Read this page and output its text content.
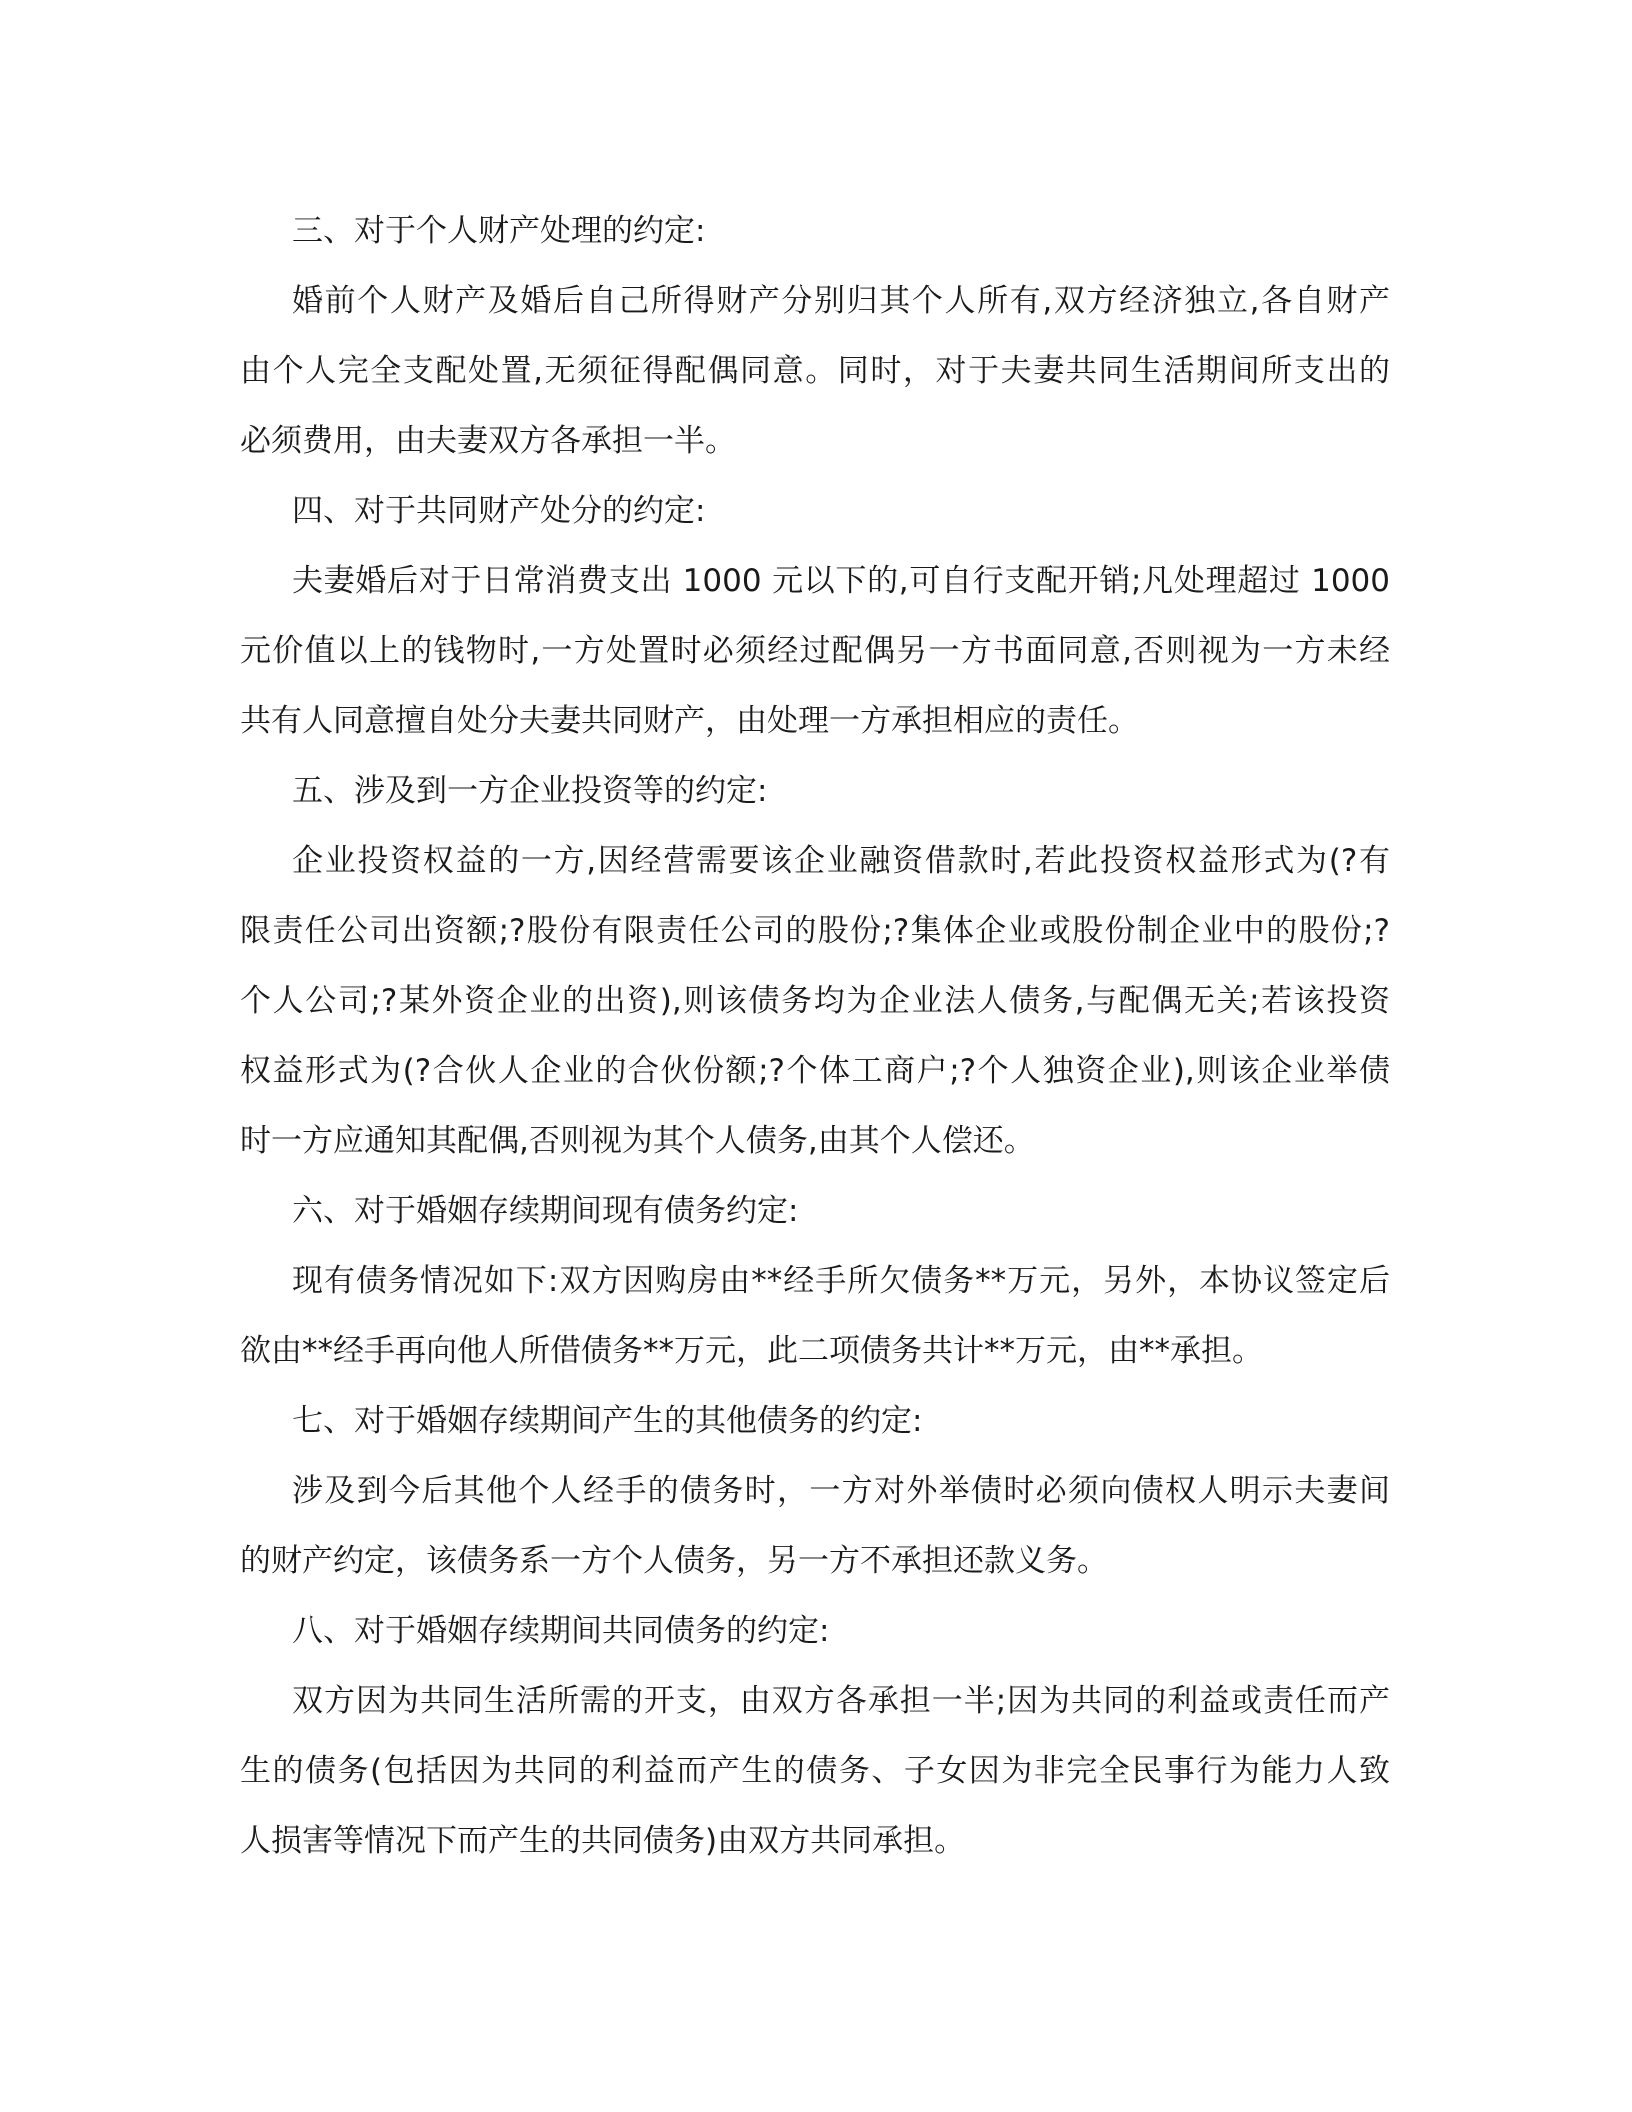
三、对于个人财产处理的约定:
婚前个人财产及婚后自己所得财产分别归其个人所有,双方经济独立,各自财产
由个人完全支配处置,无须征得配偶同意。同时，对于夫妻共同生活期间所支出的
必须费用，由夫妻双方各承担一半。
四、对于共同财产处分的约定:
夫妻婚后对于日常消费支出 1000 元以下的,可自行支配开销;凡处理超过 1000
元价值以上的钱物时,一方处置时必须经过配偶另一方书面同意,否则视为一方未经
共有人同意擅自处分夫妻共同财产，由处理一方承担相应的责任。
五、涉及到一方企业投资等的约定:
企业投资权益的一方,因经营需要该企业融资借款时,若此投资权益形式为(?有
限责任公司出资额;?股份有限责任公司的股份;?集体企业或股份制企业中的股份;?
个人公司;?某外资企业的出资),则该债务均为企业法人债务,与配偶无关;若该投资
权益形式为(?合伙人企业的合伙份额;?个体工商户;?个人独资企业),则该企业举债
时一方应通知其配偶,否则视为其个人债务,由其个人偿还。
六、对于婚姻存续期间现有债务约定:
现有债务情况如下:双方因购房由**经手所欠债务**万元，另外，本协议签定后
欲由**经手再向他人所借债务**万元，此二项债务共计**万元，由**承担。
七、对于婚姻存续期间产生的其他债务的约定:
涉及到今后其他个人经手的债务时，一方对外举债时必须向债权人明示夫妻间
的财产约定，该债务系一方个人债务，另一方不承担还款义务。
八、对于婚姻存续期间共同债务的约定:
双方因为共同生活所需的开支，由双方各承担一半;因为共同的利益或责任而产
生的债务(包括因为共同的利益而产生的债务、子女因为非完全民事行为能力人致
人损害等情况下而产生的共同债务)由双方共同承担。
